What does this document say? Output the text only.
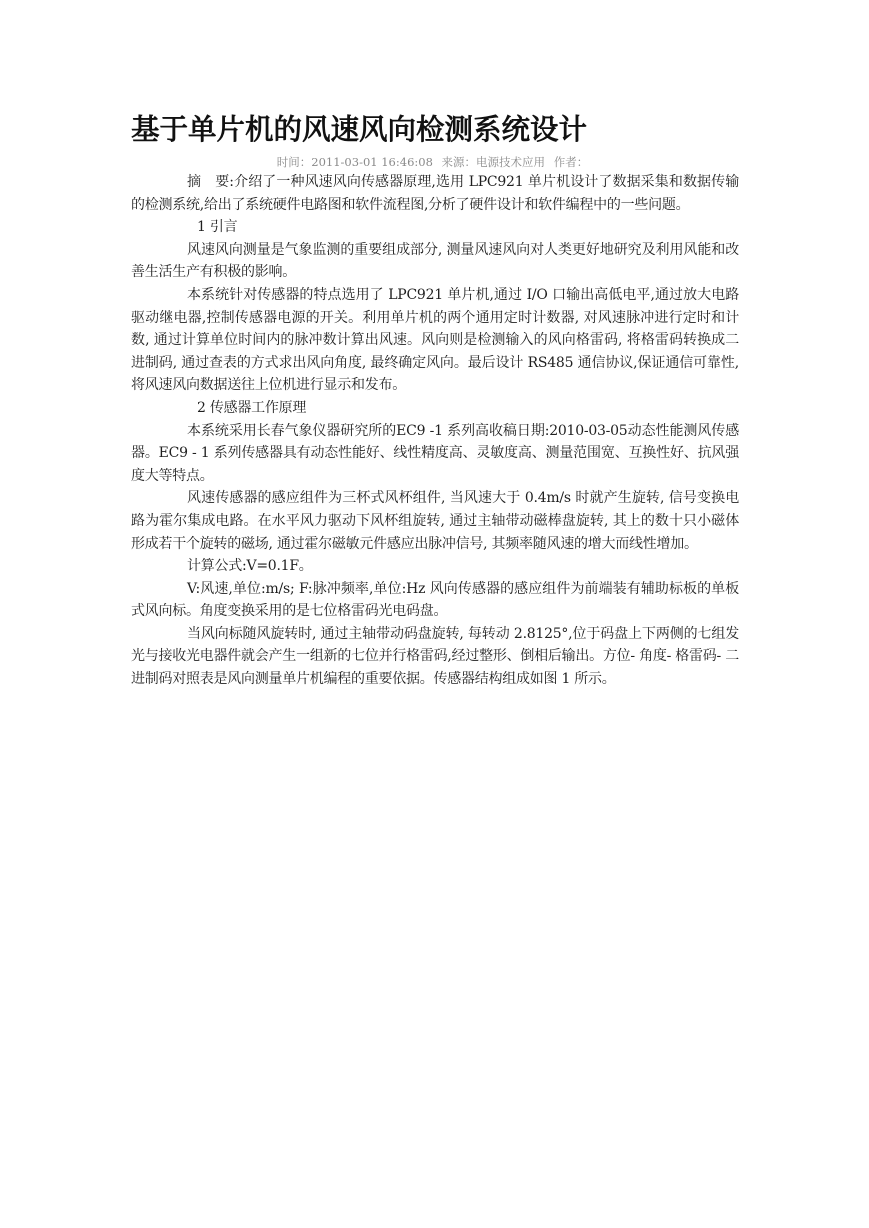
基于单片机的风速风向检测系统设计
时间：2011-03-01 16:46:08 来源：电源技术应用 作者：

摘　要:介绍了一种风速风向传感器原理,选用 LPC921 单片机设计了数据采集和数据传输的检测系统,给出了系统硬件电路图和软件流程图,分析了硬件设计和软件编程中的一些问题。

1 引言

风速风向测量是气象监测的重要组成部分, 测量风速风向对人类更好地研究及利用风能和改善生活生产有积极的影响。

本系统针对传感器的特点选用了 LPC921 单片机,通过 I/O 口输出高低电平,通过放大电路驱动继电器,控制传感器电源的开关。利用单片机的两个通用定时计数器, 对风速脉冲进行定时和计数, 通过计算单位时间内的脉冲数计算出风速。风向则是检测输入的风向格雷码, 将格雷码转换成二进制码, 通过查表的方式求出风向角度, 最终确定风向。最后设计 RS485 通信协议,保证通信可靠性, 将风速风向数据送往上位机进行显示和发布。

2 传感器工作原理

本系统采用长春气象仪器研究所的EC9 -1 系列高收稿日期:2010-03-05动态性能测风传感器。EC9 - 1 系列传感器具有动态性能好、线性精度高、灵敏度高、测量范围宽、互换性好、抗风强度大等特点。

风速传感器的感应组件为三杯式风杯组件, 当风速大于 0.4m/s 时就产生旋转, 信号变换电路为霍尔集成电路。在水平风力驱动下风杯组旋转, 通过主轴带动磁棒盘旋转, 其上的数十只小磁体形成若干个旋转的磁场, 通过霍尔磁敏元件感应出脉冲信号, 其频率随风速的增大而线性增加。

计算公式:V=0.1F。

V:风速,单位:m/s; F:脉冲频率,单位:Hz 风向传感器的感应组件为前端装有辅助标板的单板式风向标。角度变换采用的是七位格雷码光电码盘。

当风向标随风旋转时, 通过主轴带动码盘旋转, 每转动 2.8125°,位于码盘上下两侧的七组发光与接收光电器件就会产生一组新的七位并行格雷码,经过整形、倒相后输出。方位- 角度- 格雷码- 二进制码对照表是风向测量单片机编程的重要依据。传感器结构组成如图 1 所示。
